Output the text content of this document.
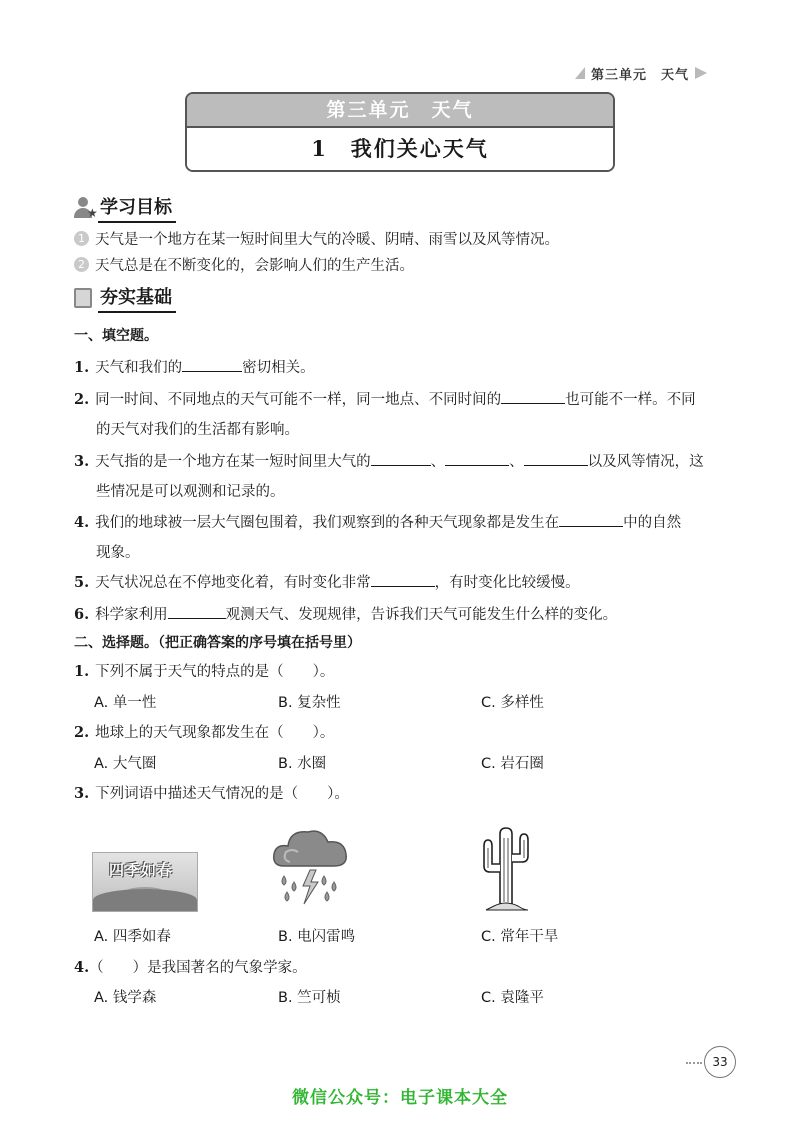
第三单元　天气
第三单元　天气
1　我们关心天气
★ 学习目标
1 天气是一个地方在某一短时间里大气的冷暖、阴晴、雨雪以及风等情况。
2 天气总是在不断变化的，会影响人们的生产生活。
夯实基础
一、填空题。
1. 天气和我们的	密切相关。
2. 同一时间、不同地点的天气可能不一样，同一地点、不同时间的	也可能不一样。不同
的天气对我们的生活都有影响。
3. 天气指的是一个地方在某一短时间里大气的	、	、	以及风等情况，这
些情况是可以观测和记录的。
4. 我们的地球被一层大气圈包围着，我们观察到的各种天气现象都是发生在	中的自然
现象。
5. 天气状况总在不停地变化着，有时变化非常	，有时变化比较缓慢。
6. 科学家利用	观测天气、发现规律，告诉我们天气可能发生什么样的变化。
二、选择题。（把正确答案的序号填在括号里）
1. 下列不属于天气的特点的是（　　）。
A. 单一性	B. 复杂性	C. 多样性
2. 地球上的天气现象都发生在（　　）。
A. 大气圈	B. 水圈	C. 岩石圈
3. 下列词语中描述天气情况的是（　　）。
四季如春
A. 四季如春	B. 电闪雷鸣	C. 常年干旱
4.（　　）是我国著名的气象学家。
A. 钱学森	B. 竺可桢	C. 袁隆平
33
微信公众号：电子课本大全
